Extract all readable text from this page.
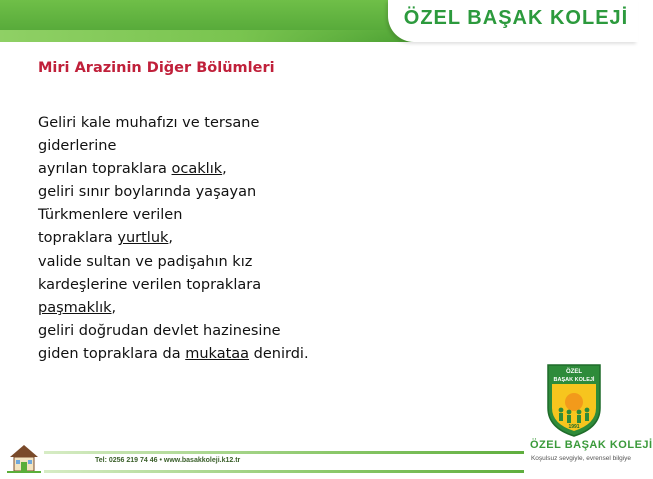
ÖZEL BAŞAK KOLEJİ
Miri Arazinin Diğer Bölümleri
Geliri kale muhafızı ve tersane
giderlerine
ayrılan topraklara ocaklık,
geliri sınır boylarında yaşayan
Türkmenlere verilen
topraklara yurtluk,
valide sultan ve padişahın kız
kardeşlerine verilen topraklara
paşmaklık,
geliri doğrudan devlet hazinesine
giden topraklara da mukataa denirdi.
Tel: 0256 219 74 46 • www.basakkoleji.k12.tr
ÖZEL
BAŞAK KOLEJİ
1991
ÖZEL BAŞAK KOLEJİ
Koşulsuz sevgiyle, evrensel bilgiye
